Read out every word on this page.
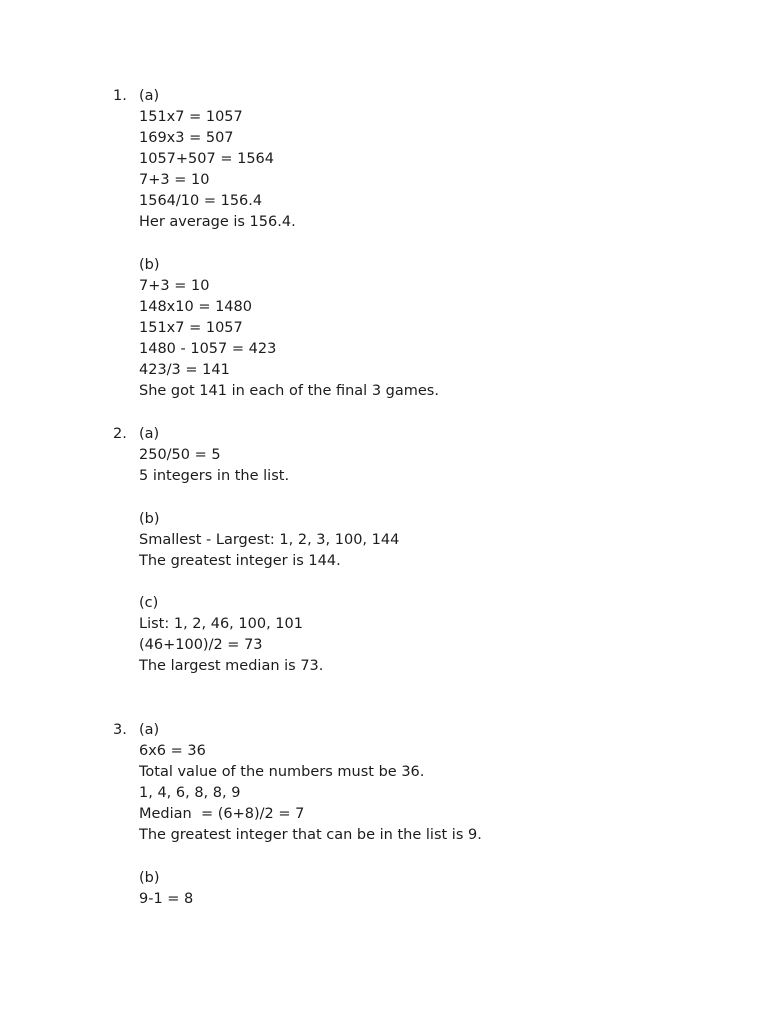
1. (a)
151x7 = 1057
169x3 = 507
1057+507 = 1564
7+3 = 10
1564/10 = 156.4
Her average is 156.4.
(b)
7+3 = 10
148x10 = 1480
151x7 = 1057
1480 - 1057 = 423
423/3 = 141
She got 141 in each of the final 3 games.
2. (a)
250/50 = 5
5 integers in the list.
(b)
Smallest - Largest: 1, 2, 3, 100, 144
The greatest integer is 144.
(c)
List: 1, 2, 46, 100, 101
(46+100)/2 = 73
The largest median is 73.
3. (a)
6x6 = 36
Total value of the numbers must be 36.
1, 4, 6, 8, 8, 9
Median  = (6+8)/2 = 7
The greatest integer that can be in the list is 9.
(b)
9-1 = 8
